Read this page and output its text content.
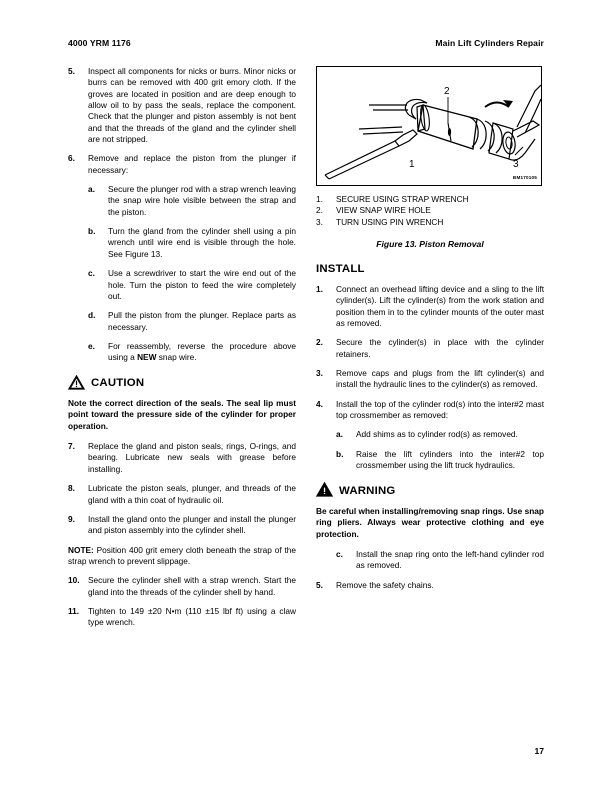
4000 YRM 1176	Main Lift Cylinders Repair
5.	Inspect all components for nicks or burrs. Minor nicks or burrs can be removed with 400 grit emory cloth. If the groves are located in position and are deep enough to allow oil to by pass the seals, replace the component. Check that the plunger and piston assembly is not bent and that the threads of the gland and the cylinder shell are not stripped.
6.	Remove and replace the piston from the plunger if necessary:
a.	Secure the plunger rod with a strap wrench leaving the snap wire hole visible between the strap and the piston.
b.	Turn the gland from the cylinder shell using a pin wrench until wire end is visible through the hole. See Figure 13.
c.	Use a screwdriver to start the wire end out of the hole. Turn the piston to feed the wire completely out.
d.	Pull the piston from the plunger. Replace parts as necessary.
e.	For reassembly, reverse the procedure above using a NEW snap wire.
CAUTION
Note the correct direction of the seals. The seal lip must point toward the pressure side of the cylinder for proper operation.
7.	Replace the gland and piston seals, rings, O-rings, and bearing. Lubricate new seals with grease before installing.
8.	Lubricate the piston seals, plunger, and threads of the gland with a thin coat of hydraulic oil.
9.	Install the gland onto the plunger and install the plunger and piston assembly into the cylinder shell.
NOTE: Position 400 grit emery cloth beneath the strap of the strap wrench to prevent slippage.
10.	Secure the cylinder shell with a strap wrench. Start the gland into the threads of the cylinder shell by hand.
11.	Tighten to 149 ±20 N•m (110 ±15 lbf ft) using a claw type wrench.
1
2
3
BM170105
1.	SECURE USING STRAP WRENCH
2.	VIEW SNAP WIRE HOLE
3.	TURN USING PIN WRENCH
Figure 13. Piston Removal
INSTALL
1.	Connect an overhead lifting device and a sling to the lift cylinder(s). Lift the cylinder(s) from the work station and position them in to the cylinder mounts of the outer mast as removed.
2.	Secure the cylinder(s) in place with the cylinder retainers.
3.	Remove caps and plugs from the lift cylinder(s) and install the hydraulic lines to the cylinder(s) as removed.
4.	Install the top of the cylinder rod(s) into the inter#2 mast top crossmember as removed:
a.	Add shims as to cylinder rod(s) as removed.
b.	Raise the lift cylinders into the inter#2 top crossmember using the lift truck hydraulics.
WARNING
Be careful when installing/removing snap rings. Use snap ring pliers. Always wear protective clothing and eye protection.
c.	Install the snap ring onto the left-hand cylinder rod as removed.
5.	Remove the safety chains.
17
